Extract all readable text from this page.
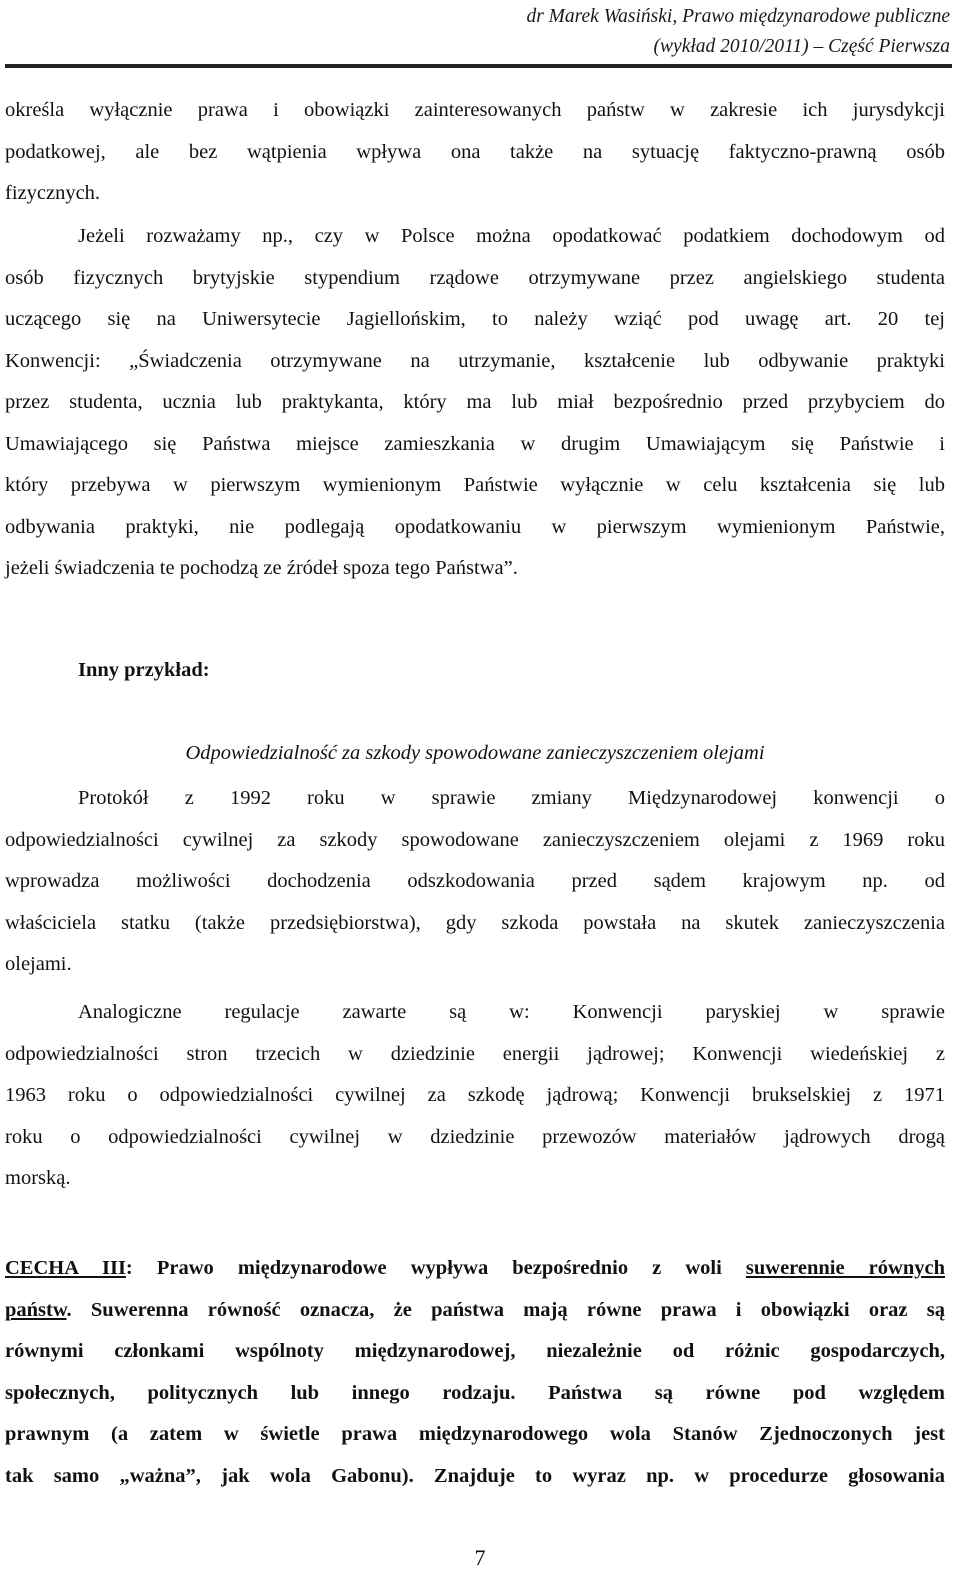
dr Marek Wasiński, Prawo międzynarodowe publiczne
(wykład 2010/2011) – Część Pierwsza
określa wyłącznie prawa i obowiązki zainteresowanych państw w zakresie ich jurysdykcji
podatkowej, ale bez wątpienia wpływa ona także na sytuację faktyczno-prawną osób
fizycznych.
Jeżeli rozważamy np., czy w Polsce można opodatkować podatkiem dochodowym od
osób fizycznych brytyjskie stypendium rządowe otrzymywane przez angielskiego studenta
uczącego się na Uniwersytecie Jagiellońskim, to należy wziąć pod uwagę art. 20 tej
Konwencji: „Świadczenia otrzymywane na utrzymanie, kształcenie lub odbywanie praktyki
przez studenta, ucznia lub praktykanta, który ma lub miał bezpośrednio przed przybyciem do
Umawiającego się Państwa miejsce zamieszkania w drugim Umawiającym się Państwie i
który przebywa w pierwszym wymienionym Państwie wyłącznie w celu kształcenia się lub
odbywania praktyki, nie podlegają opodatkowaniu w pierwszym wymienionym Państwie,
jeżeli świadczenia te pochodzą ze źródeł spoza tego Państwa”.
Inny przykład:
Odpowiedzialność za szkody spowodowane zanieczyszczeniem olejami
Protokół z 1992 roku w sprawie zmiany Międzynarodowej konwencji o
odpowiedzialności cywilnej za szkody spowodowane zanieczyszczeniem olejami z 1969 roku
wprowadza możliwości dochodzenia odszkodowania przed sądem krajowym np. od
właściciela statku (także przedsiębiorstwa), gdy szkoda powstała na skutek zanieczyszczenia
olejami.
Analogiczne regulacje zawarte są w: Konwencji paryskiej w sprawie
odpowiedzialności stron trzecich w dziedzinie energii jądrowej; Konwencji wiedeńskiej z
1963 roku o odpowiedzialności cywilnej za szkodę jądrową; Konwencji brukselskiej z 1971
roku o odpowiedzialności cywilnej w dziedzinie przewozów materiałów jądrowych drogą
morską.
CECHA III: Prawo międzynarodowe wypływa bezpośrednio z woli suwerennie równych
państw. Suwerenna równość oznacza, że państwa mają równe prawa i obowiązki oraz są
równymi członkami wspólnoty międzynarodowej, niezależnie od różnic gospodarczych,
społecznych, politycznych lub innego rodzaju. Państwa są równe pod względem
prawnym (a zatem w świetle prawa międzynarodowego wola Stanów Zjednoczonych jest
tak samo „ważna”, jak wola Gabonu). Znajduje to wyraz np. w procedurze głosowania
7
